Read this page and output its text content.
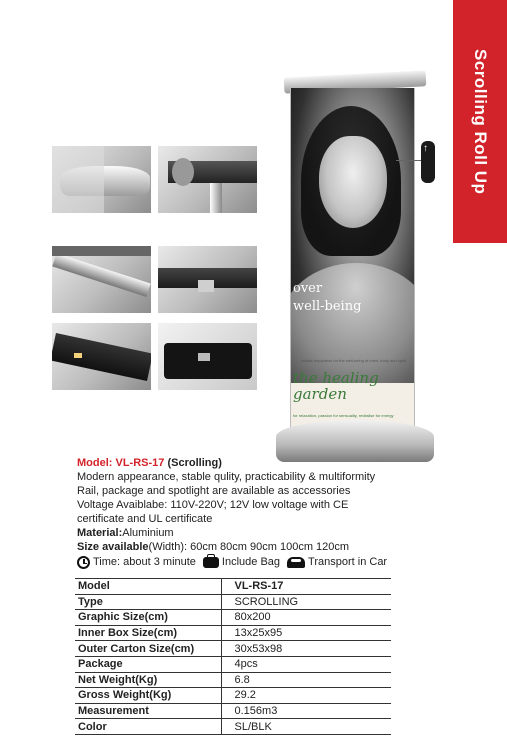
Scrolling Roll Up
over
well-being
holistic happiness for the well-being of mind, body and spirit
the healing garden
for relaxation, passion for sensuality, revitalise for energy
↑
Model: VL-RS-17 (Scrolling)
Modern appearance, stable qulity, practicability & multiformity
Rail, package and spotlight are available as accessories
Voltage Avaiblabe: 110V-220V; 12V low voltage with CE
certificate and UL certificate
Material:Aluminium
Size available(Width): 60cm 80cm 90cm 100cm 120cm
Time: about 3 minute Include Bag	Transport in Car
Model	VL-RS-17
Type	SCROLLING
Graphic Size(cm)	80x200
Inner Box Size(cm)	13x25x95
Outer Carton Size(cm)	30x53x98
Package	4pcs
Net Weight(Kg)	6.8
Gross Weight(Kg)	29.2
Measurement	0.156m3
Color	SL/BLK
